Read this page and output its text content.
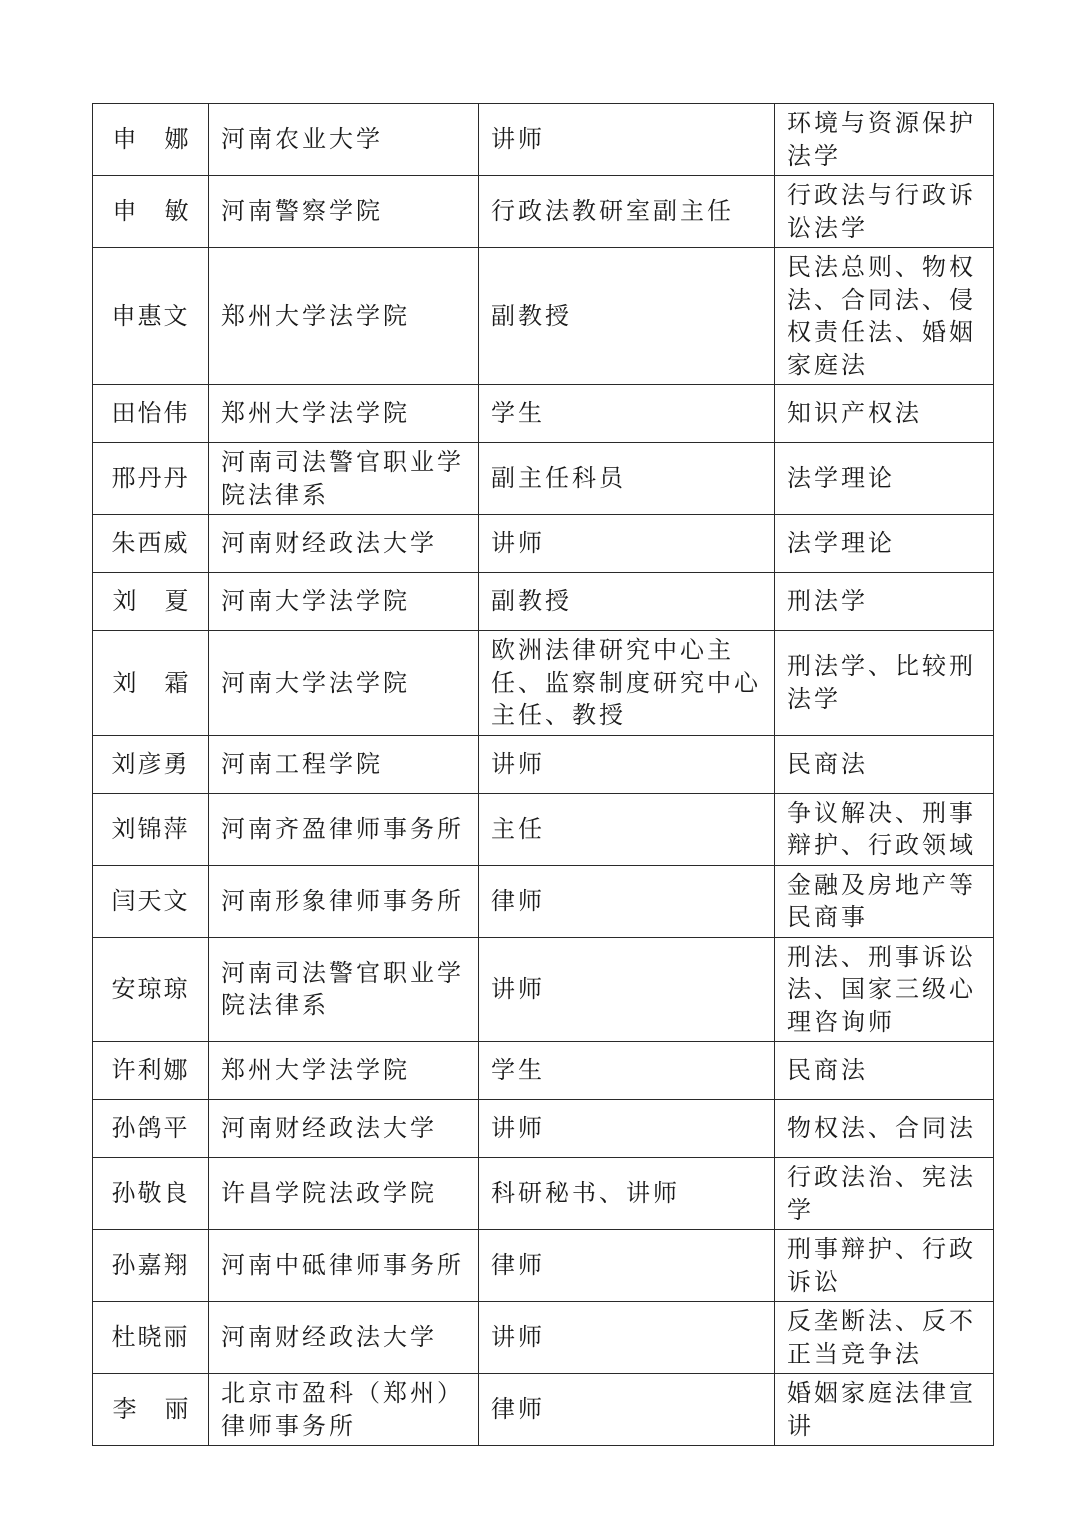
申 娜	河南农业大学	讲师	环境与资源保护法学
申 敏	河南警察学院	行政法教研室副主任	行政法与行政诉讼法学
申惠文	郑州大学法学院	副教授	民法总则、物权法、合同法、侵权责任法、婚姻家庭法
田怡伟	郑州大学法学院	学生	知识产权法
邢丹丹	河南司法警官职业学院法律系	副主任科员	法学理论
朱西威	河南财经政法大学	讲师	法学理论
刘 夏	河南大学法学院	副教授	刑法学
刘 霜	河南大学法学院	欧洲法律研究中心主任、监察制度研究中心主任、教授	刑法学、比较刑法学
刘彦勇	河南工程学院	讲师	民商法
刘锦萍	河南齐盈律师事务所	主任	争议解决、刑事辩护、行政领域
闫天文	河南形象律师事务所	律师	金融及房地产等民商事
安琼琼	河南司法警官职业学院法律系	讲师	刑法、刑事诉讼法、国家三级心理咨询师
许利娜	郑州大学法学院	学生	民商法
孙鸽平	河南财经政法大学	讲师	物权法、合同法
孙敬良	许昌学院法政学院	科研秘书、讲师	行政法治、宪法学
孙嘉翔	河南中砥律师事务所	律师	刑事辩护、行政诉讼
杜晓丽	河南财经政法大学	讲师	反垄断法、反不正当竞争法
李 丽	北京市盈科（郑州）律师事务所	律师	婚姻家庭法律宣讲
